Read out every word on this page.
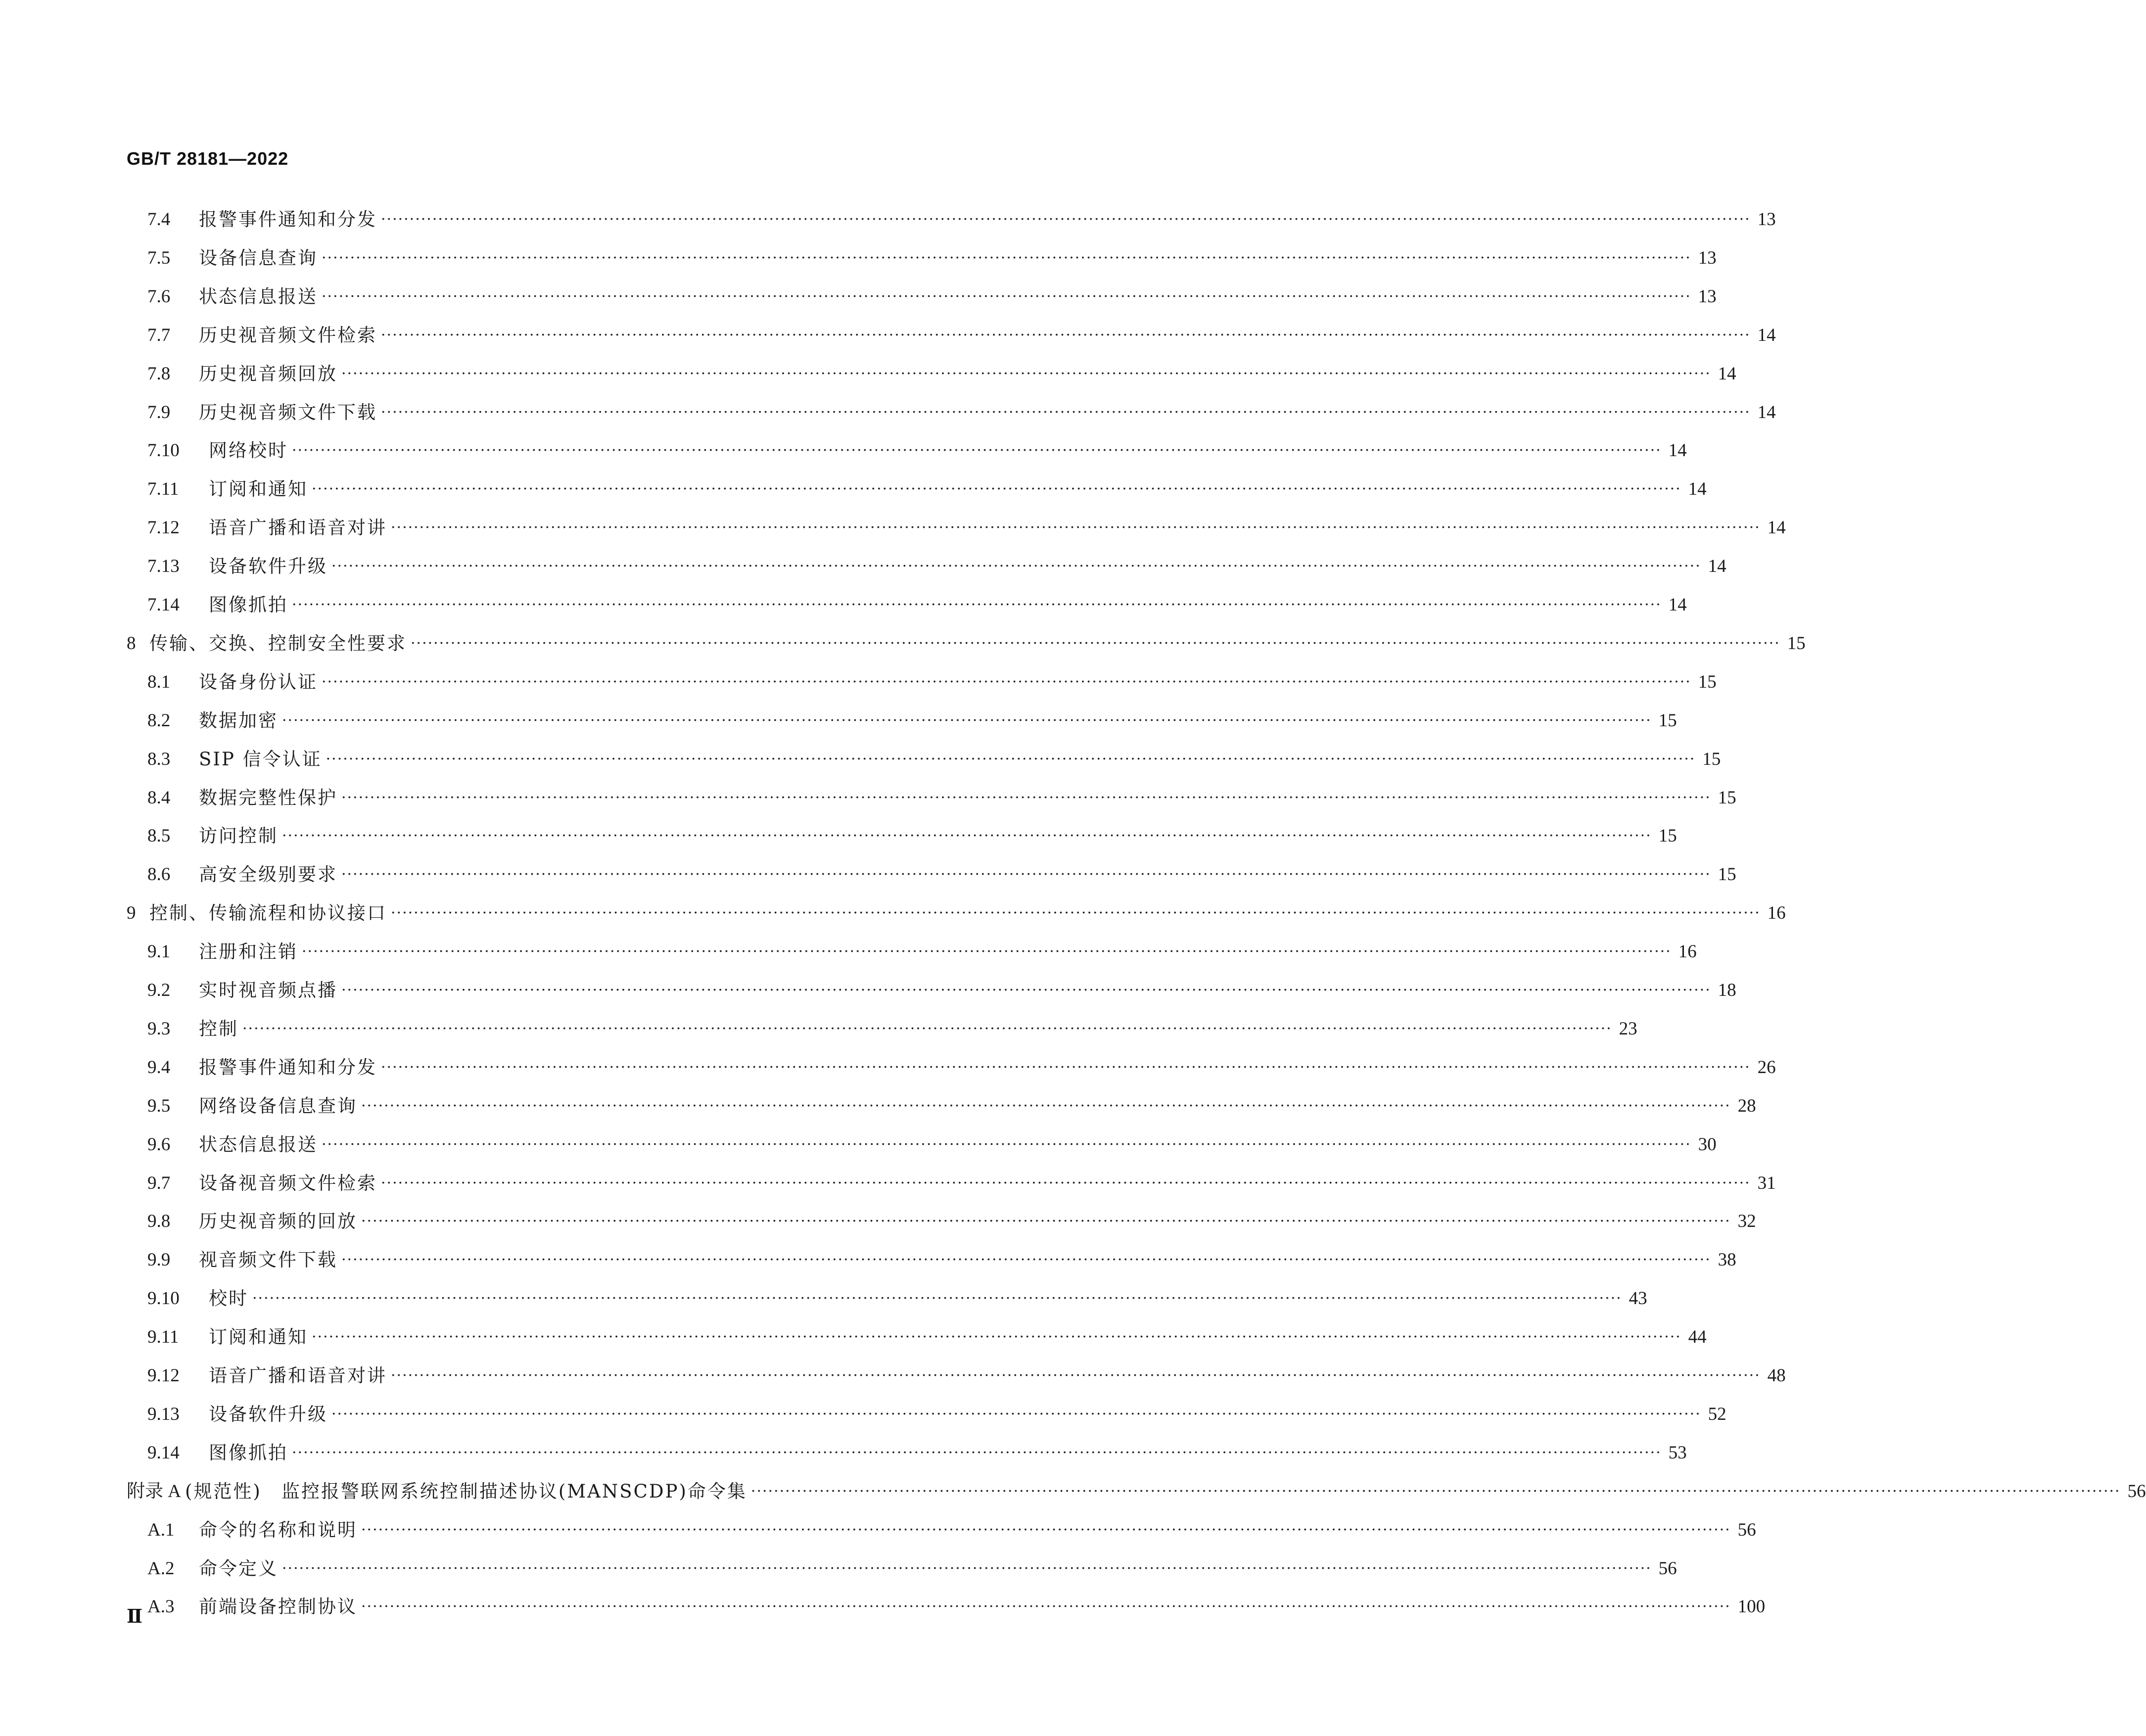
GB/T 28181—2022
7.4	报警事件通知和分发 ················································································································································································································································ 13
7.5	设备信息查询 ················································································································································································································································ 13
7.6	状态信息报送 ················································································································································································································································ 13
7.7	历史视音频文件检索 ················································································································································································································································ 14
7.8	历史视音频回放 ················································································································································································································································ 14
7.9	历史视音频文件下载 ················································································································································································································································ 14
7.10	网络校时 ················································································································································································································································ 14
7.11	订阅和通知 ················································································································································································································································ 14
7.12	语音广播和语音对讲 ················································································································································································································································ 14
7.13	设备软件升级 ················································································································································································································································ 14
7.14	图像抓拍 ················································································································································································································································ 14
8 传输、交换、控制安全性要求 ················································································································································································································································ 15
8.1	设备身份认证 ················································································································································································································································ 15
8.2	数据加密 ················································································································································································································································ 15
8.3	SIP 信令认证 ················································································································································································································································ 15
8.4	数据完整性保护 ················································································································································································································································ 15
8.5	访问控制 ················································································································································································································································ 15
8.6	高安全级别要求 ················································································································································································································································ 15
9 控制、传输流程和协议接口 ················································································································································································································································ 16
9.1	注册和注销 ················································································································································································································································ 16
9.2	实时视音频点播 ················································································································································································································································ 18
9.3	控制 ················································································································································································································································ 23
9.4	报警事件通知和分发 ················································································································································································································································ 26
9.5	网络设备信息查询 ················································································································································································································································ 28
9.6	状态信息报送 ················································································································································································································································ 30
9.7	设备视音频文件检索 ················································································································································································································································ 31
9.8	历史视音频的回放 ················································································································································································································································ 32
9.9	视音频文件下载 ················································································································································································································································ 38
9.10	校时 ················································································································································································································································ 43
9.11	订阅和通知 ················································································································································································································································ 44
9.12	语音广播和语音对讲 ················································································································································································································································ 48
9.13	设备软件升级 ················································································································································································································································ 52
9.14	图像抓拍 ················································································································································································································································ 53
附录 A (规范性)　监控报警联网系统控制描述协议(MANSCDP)命令集 ················································································································································································································································ 56
A.1	命令的名称和说明 ················································································································································································································································ 56
A.2	命令定义 ················································································································································································································································ 56
A.3	前端设备控制协议 ················································································································································································································································ 100
Ⅱ
